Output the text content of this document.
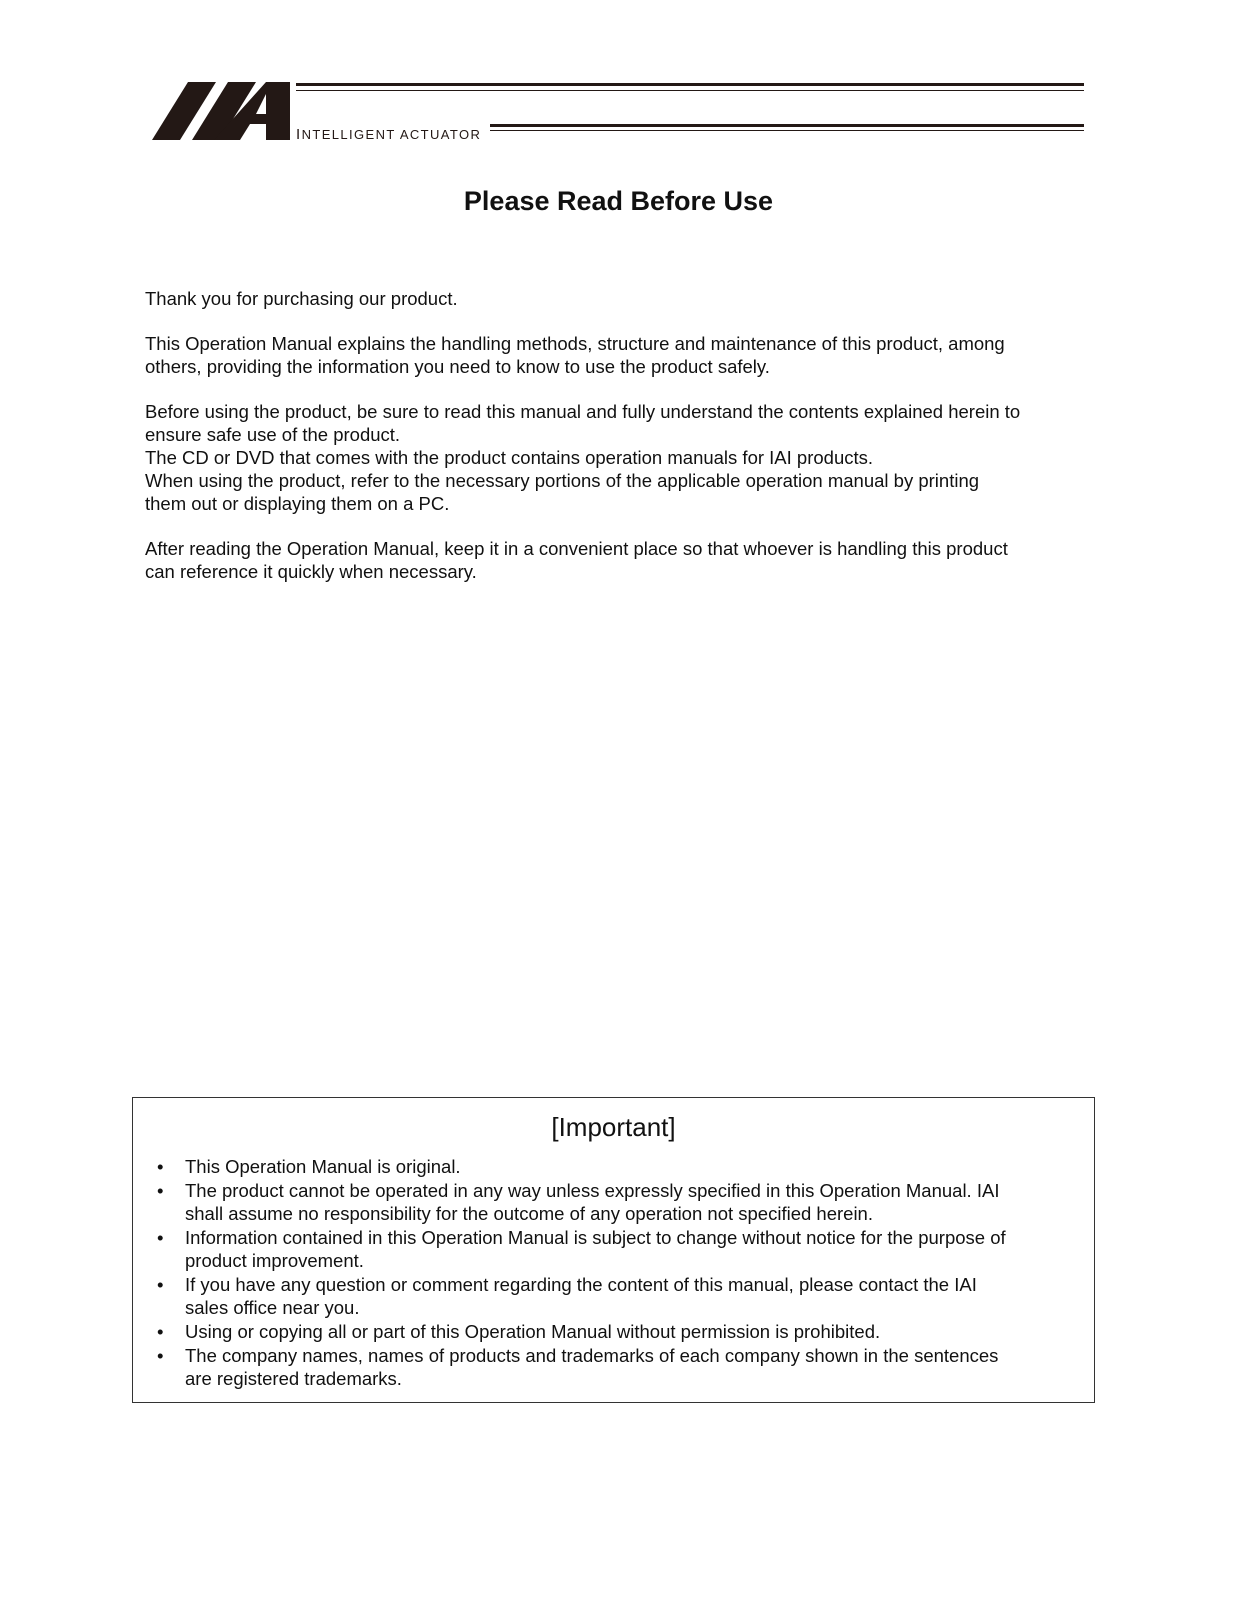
INTELLIGENT ACTUATOR
Please Read Before Use

Thank you for purchasing our product.

This Operation Manual explains the handling methods, structure and maintenance of this product, among
others, providing the information you need to know to use the product safely.

Before using the product, be sure to read this manual and fully understand the contents explained herein to
ensure safe use of the product.
The CD or DVD that comes with the product contains operation manuals for IAI products.
When using the product, refer to the necessary portions of the applicable operation manual by printing
them out or displaying them on a PC.

After reading the Operation Manual, keep it in a convenient place so that whoever is handling this product
can reference it quickly when necessary.

[Important]
• This Operation Manual is original.
• The product cannot be operated in any way unless expressly specified in this Operation Manual. IAI
shall assume no responsibility for the outcome of any operation not specified herein.
• Information contained in this Operation Manual is subject to change without notice for the purpose of
product improvement.
• If you have any question or comment regarding the content of this manual, please contact the IAI
sales office near you.
• Using or copying all or part of this Operation Manual without permission is prohibited.
• The company names, names of products and trademarks of each company shown in the sentences
are registered trademarks.
